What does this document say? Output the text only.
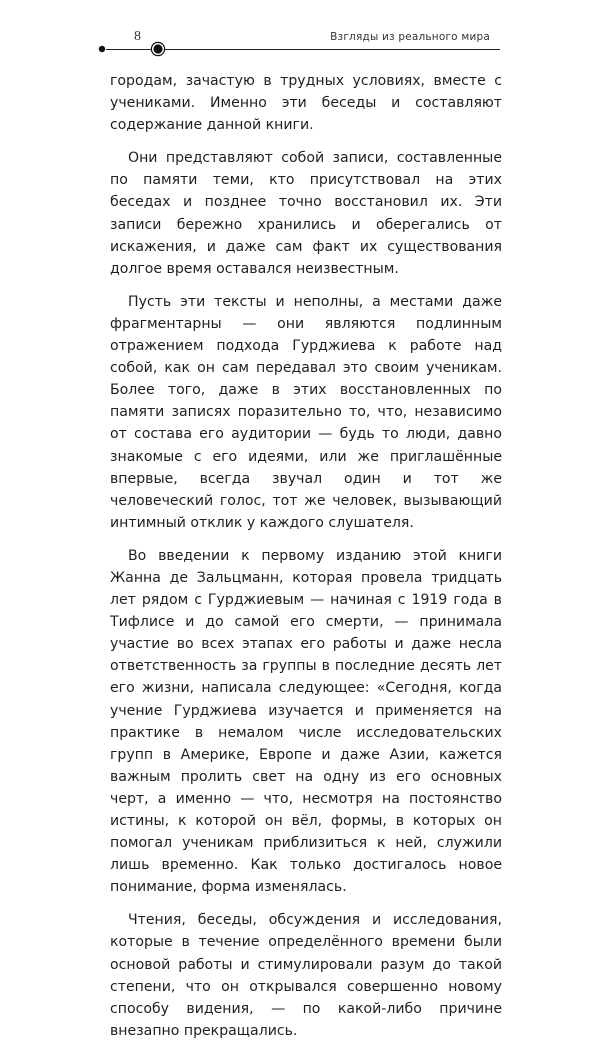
8	Взгляды из реального мира

городам, зачастую в трудных условиях, вместе с учениками. Именно эти беседы и составляют содержание данной книги.

Они представляют собой записи, составленные по памяти теми, кто присутствовал на этих беседах и позднее точно восстановил их. Эти записи бережно хранились и оберегались от искажения, и даже сам факт их существования долгое время оставался неизвестным.

Пусть эти тексты и неполны, а местами даже фрагментарны — они являются подлинным отражением подхода Гурджиева к работе над собой, как он сам передавал это своим ученикам. Более того, даже в этих восстановленных по памяти записях поразительно то, что, независимо от состава его аудитории — будь то люди, давно знакомые с его идеями, или же приглашённые впервые, всегда звучал один и тот же человеческий голос, тот же человек, вызывающий интимный отклик у каждого слушателя.

Во введении к первому изданию этой книги Жанна де Зальцманн, которая провела тридцать лет рядом с Гурджиевым — начиная с 1919 года в Тифлисе и до самой его смерти, — принимала участие во всех этапах его работы и даже несла ответственность за группы в последние десять лет его жизни, написала следующее: «Сегодня, когда учение Гурджиева изучается и применяется на практике в немалом числе исследовательских групп в Америке, Европе и даже Азии, кажется важным пролить свет на одну из его основных черт, а именно — что, несмотря на постоянство истины, к которой он вёл, формы, в которых он помогал ученикам приблизиться к ней, служили лишь временно. Как только достигалось новое понимание, форма изменялась.

Чтения, беседы, обсуждения и исследования, которые в течение определённого времени были основой работы и стимулировали разум до такой степени, что он открывался совершенно новому способу видения, — по какой-либо причине внезапно прекращались.
